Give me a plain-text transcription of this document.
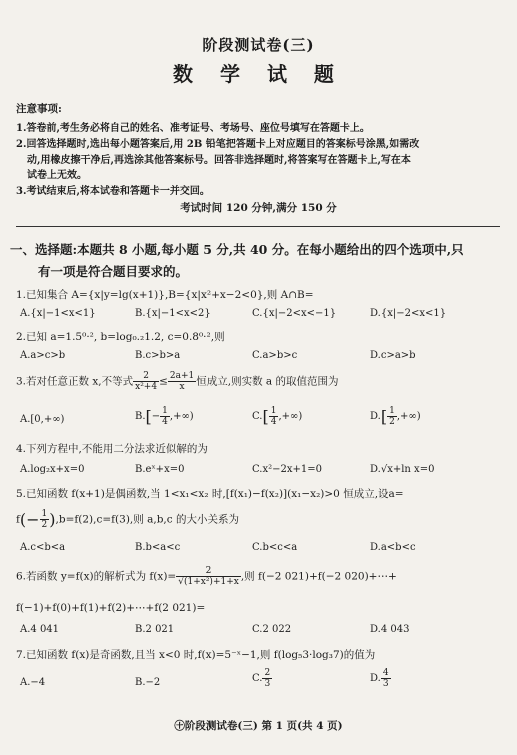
阶段测试卷(三)
数 学 试 题
注意事项:
1.答卷前,考生务必将自己的姓名、准考证号、考场号、座位号填写在答题卡上。
2.回答选择题时,选出每小题答案后,用 2B 铅笔把答题卡上对应题目的答案标号涂黑,如需改
动,用橡皮擦干净后,再选涂其他答案标号。回答非选择题时,将答案写在答题卡上,写在本
试卷上无效。
3.考试结束后,将本试卷和答题卡一并交回。
考试时间 120 分钟,满分 150 分
一、选择题:本题共 8 小题,每小题 5 分,共 40 分。在每小题给出的四个选项中,只
有一项是符合题目要求的。
1.已知集合 A={x|y=lg(x+1)},B={x|x²+x−2<0},则 A∩B=
A.{x|−1<x<1}	B.{x|−1<x<2}	C.{x|−2<x<−1}	D.{x|−2<x<1}
2.已知 a=1.5⁰·², b=log₀.₂1.2, c=0.8⁰·²,则
A.a>c>b	B.c>b>a	C.a>b>c	D.c>a>b
3.若对任意正数 x,不等式 $\frac{2}{\text{x²+4}} \le \frac{2a+1}{x}$ 恒成立,则实数 a 的取值范围为
A.[0,+∞)	$B.[- \frac{1}{4}$ ,+∞)	$C.[ \frac{1}{4}$ ,+∞)	$D.[ \frac{1}{2}$ ,+∞)
4.下列方程中,不能用二分法求近似解的为
A.log₂x+x=0	B.eˣ+x=0	C.x²−2x+1=0	D.√x+ln x=0
5.已知函数 f(x+1)是偶函数,当 1<x₁<x₂ 时,[f(x₁)−f(x₂)](x₁−x₂)>0 恒成立,设a=
$f(- \frac{1}{2} ),b=f(2),c=f(3)$,则 a,b,c 的大小关系为
A.c<b<a	B.b<a<c	C.b<c<a	D.a<b<c
6.若函数 y=f(x)的解析式为 $f(x)= \frac{2}{\text{√(1+x²)+1+x}}$ ,则 f(−2 021)+f(−2 020)+⋯+
f(−1)+f(0)+f(1)+f(2)+⋯+f(2 021)=
A.4 041	B.2 021	C.2 022	D.4 043
7.已知函数 f(x)是奇函数,且当 x<0 时,f(x)=5⁻ˣ−1,则 f(log₅3·log₃7)的值为
A.−4	B.−2	C. $\frac{2}{3}$	D. $\frac{4}{3}$
㊉阶段测试卷(三) 第 1 页(共 4 页)
